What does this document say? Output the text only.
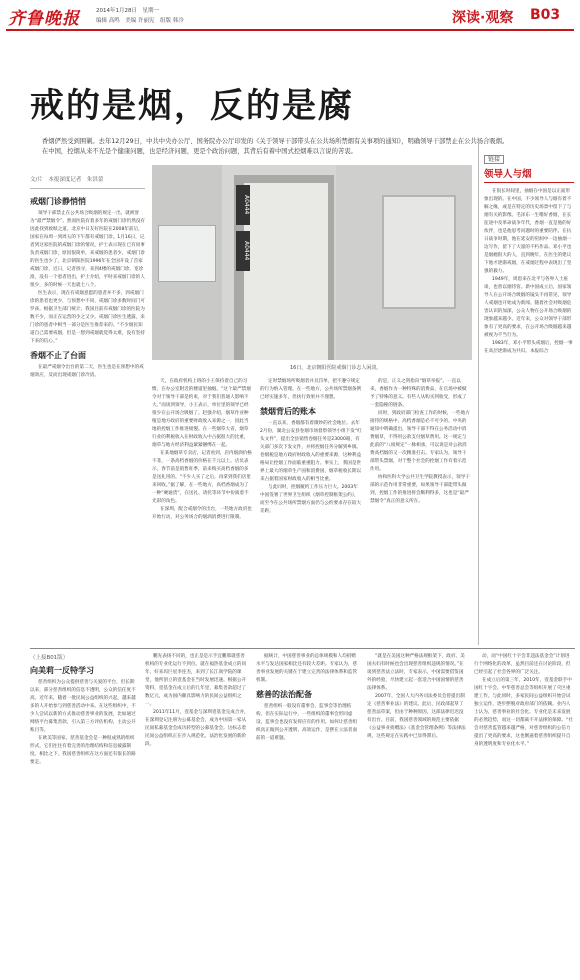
齐鲁晚报	2014年1月28日　星期一
编辑 高鸣　美编 许丽宪　组版 韩冷	深读·观察 B03
戒的是烟，反的是腐

香烟俨然受到围剿。去年12月29日，中共中央办公厅、国务院办公厅印发的《关于领导干部带头在公共场所禁烟有关事项的通知》，明确领导干部禁止在公共场合吸烟。

在中国，控烟从来不光是个健康问题，也是经济问题，更是个政治问题，其背后有着中国式控烟难以言说的苦衷。

文/片　本报深度记者　朱洪蕾
A0444
A0444
16日，北京朝阳医院戒烟门诊志人闲淡。
戒烟门诊静悄悄

领导干部禁止在公共场合吸烟的规定一出，就被誉为“最严禁烟令”。然而医院有着多年的戒烟门诊仍然没有因此找到救赎之道。北京中日友好医院在2008年前后，国家在每周一到周五的下午都有戒烟门诊。1月16日，记者到这家医院的戒烟门诊的情况，护士表示现在已有同事负责戒烟门诊，原因很简单，来戒烟的患者少，戒烟门诊的医生也少了。北京朝阳医院1996年在全国开设了首家戒烟门诊，近日，记者找寻，来到4楼的戒烟门诊，宽诊准，没有一个患者进出，护士介绍，平时来戒烟门诊的人很少，多的时候一天也就七八个。

医生表示，现在有戒烟意愿的患者并不多，到戒烟门诊的患者也更少，与预想中不同，戒烟门诊多数时间门可罗雀。根据卫生部门统计，我国目前有戒烟门诊的医院为数不少，而正在运营的少之又少。戒烟门诊医生透露，来门诊的患者中相当一部分是医生推荐来的。“不少烟民知道自己需要戒烟，但是一想到戒烟就觉得太难，没有坚持下来的信心。”

香烟不止了台面

在最严戒烟令出台的第二天，医生也是在预想中的戒烟效应，反而出现戒烟门诊冷清。

天，在政府机构上班的小王保持着自己的习惯，在办公室附近的楼道里抽烟。“这个最严禁烟令对于领导干部是约束，对于我们普通人影响不大。”而谈到领导，小王表示，单位里的领导已经很少在公开场合吸烟了。赵强介绍，烟草作业种植是地方政府的重要财政收入来源之一，因此当地的控烟工作推进缓慢。在一些烟草大省，烟草行业的利税收入在财政收入中占据很大的比重，烟草与地方经济利益紧紧捆绑在一起。

在某地烟草专卖店，记者看到，店内烟酒价格不菲，一条高档香烟的价格在千元以上。店员表示，春节前是销售旺季，前来购买高档香烟的多是送礼用的。“不少人买了之后，再拿到我们店里来回收。”据了解，在一些地方，高档香烟成为了一种“硬通货”，在送礼、请托等环节中扮演着不光彩的角色。

在深圳，配合戒烟令的出台，一些地方政府也开始行动，对公务场合的烟酒消费进行限制。

定时禁烟场所吸烟者并具罚单，把不遵守规定的行为纳入管理。在一些地方，公共场所禁烟条例已经实施多年，但执行效果并不理想。

禁烟背后的账本

一直以来，香烟都有着微妙的社会地位。去年2月份，湖北公安县卷烟市场督察领导小组下发“红头文件”，提出全县销售卷烟任务是23000箱，有关部门多次下发文件，并将控烟任务分解到乡镇。卷烟税是地方政府财政收入的重要来源，这种利益格局让控烟工作面临重重阻力。事实上，我国是世界上最大的烟草生产国和消费国，烟草税收长期以来占据着国家财政收入的相当比重。

与此同时，控烟履约工作压力巨大。2003年中国签署了世界卫生组织《烟草控制框架公约》，而至今在公共场所禁烟方面仍与公约要求存在较大差距。

的是，正义之剑指向“烟草举报”。一直以来，香烟作为一种特殊的消费品，在官场中被赋予了特殊的意义。有些人从购买到收受，形成了一套隐秘的链条。

同时，到政府部门检查工作的时候，一些地方接待的规格中，高档香烟是必不可少的。中央的通知中明确提出，领导干部不得在公务活动中消费烟草，不得用公款支付烟草费用。这一规定与此前的“八项规定”一脉相承，可以说是对公款消费高档烟的又一次精准打击。专家认为，领导干部带头禁烟，对于整个社会的控烟工作有着示范作用。

协和医科大学公共卫生学院教授表示，领导干部的示范作用非常重要，如果领导干部能带头做到，控烟工作的推进将会顺利得多，这也是“最严禁烟令”真正的意义所在。

链接
领导人与烟

在很长时间里，抽烟在中国是以正面形象出现的。在中国，不少领导人与烟有着不解之缘，或是在特定的历史场景中留下了与烟有关的影像。毛泽东一生嗜好香烟，在长征途中及革命战争年代，香烟一直是他的好伙伴，也是他思考问题时的重要陪伴。在抗日战争时期，他在延安的窑洞中一边抽烟一边写作，留下了大量的不朽作品。邓小平也是烟瘾很大的人，直到晚年，在医生的建议下他才逐渐戒烟，在戒烟过程中表现出了坚强的毅力。

1949年，周恩来在北平与各界人士座谈，也曾以烟待客。新中国成立后，国家领导人在公开场合吸烟的镜头不再常见，领导人戒烟也开始成为新闻。随着社会对吸烟危害认识的加深，公众人物在公开场合吸烟的现象越来越少。近年来，公众对领导干部形象有了更高的要求，在公开场合吸烟越来越被视为不当行为。

1983年，邓小平带头戒烟后，控烟一事在高层逐渐成为共识。本报综合

（上接B01版）
向美莉一反特学习

慈善组织为公众提供慈善与关爱的平台，但长期以来，部分慈善组织的信息不透明，公众的信任度不高。近年来，随着一批民间公益组织的兴起，越来越多的人开始参与到慈善活动中来。在这些组织中，不少人尝试以新的方式推动慈善事业的发展，比如通过网络平台募集善款，引入第三方评估机构，主动公开账目等。

在欧美等国家，慈善基金会是一种很成熟的组织形式，它们往往有着完善的治理结构和信息披露制度。相比之下，我国慈善组织在这方面还有很长的路要走。

鹏先表扬不同的，也正是是示手宜鹏那就慈善机构的专业化运行不到位。就在福热基金成立的同年，好来坞巨星李连杰，来到了长江商学院的课堂，他所创立的壹基金在当时发展迅速。根据公开资料，壹基金在成立后的几年里，募集善款超过了数亿元，成为国内颇具影响力的民间公益组织之一。

2011年11月，壹基金与深圳壹基金完成合并，在深圳登记注册为公募基金会，成为中国第一家从民间私募基金会成功转型的公募基金会。这标志着民间公益组织正在步入规范化、法治化发展的新阶段。

据统计，中国慈善事业的总体规模和人均捐赠水平与发达国家相比还有较大差距。专家认为，慈善事业发展的关键在于建立完善的法律体系和监管机制。

慈善的法治配备

慈善组织一般设有董事会、监事会等治理结构，但在实际运行中，一些组织的董事会形同虚设，监事会也没有发挥应有的作用。如何让慈善组织真正做到公开透明、高效运作，是摆在立法者面前的一道难题。

“就是在美国这种严格法规框架下，政府、美国夫妇有时候也会出现慈善组织违规的情况。”在谈到慈善法立法时，专家表示，中国需要借鉴国外的经验，尽快建立起一套适合中国国情的慈善法律体系。

2007年，全国人大内务司法委员会曾提出制定《慈善事业法》的建议。此后，民政部起草了慈善法草案，但由于种种原因，这部法律迟迟没有出台。目前，我国慈善领域的规范主要依据《公益事业捐赠法》《基金会管理条例》等法律法规，这些规定在实践中已显得滞后。

动，而“中国红十字会非违法基金会”计划进行个网络化的改革，虽然目前还在讨论阶段，但已经引起了社会各界的广泛关注。

在成立后的第三年，2010年，壹基金联手中国红十字会、中华慈善总会等组织开展了灾区重建工作。与此同时，多家民间公益组织开始尝试独立运作，逐步摆脱对政府部门的依赖。业内人士认为，慈善事业的社会化、专业化是未来发展的必然趋势，而这一切都离不开法律的保障。“社会对慈善监管越来越严格，对慈善组织的公信力提出了更高的要求，这也倒逼着慈善组织提升自身的透明度和专业化水平。”
